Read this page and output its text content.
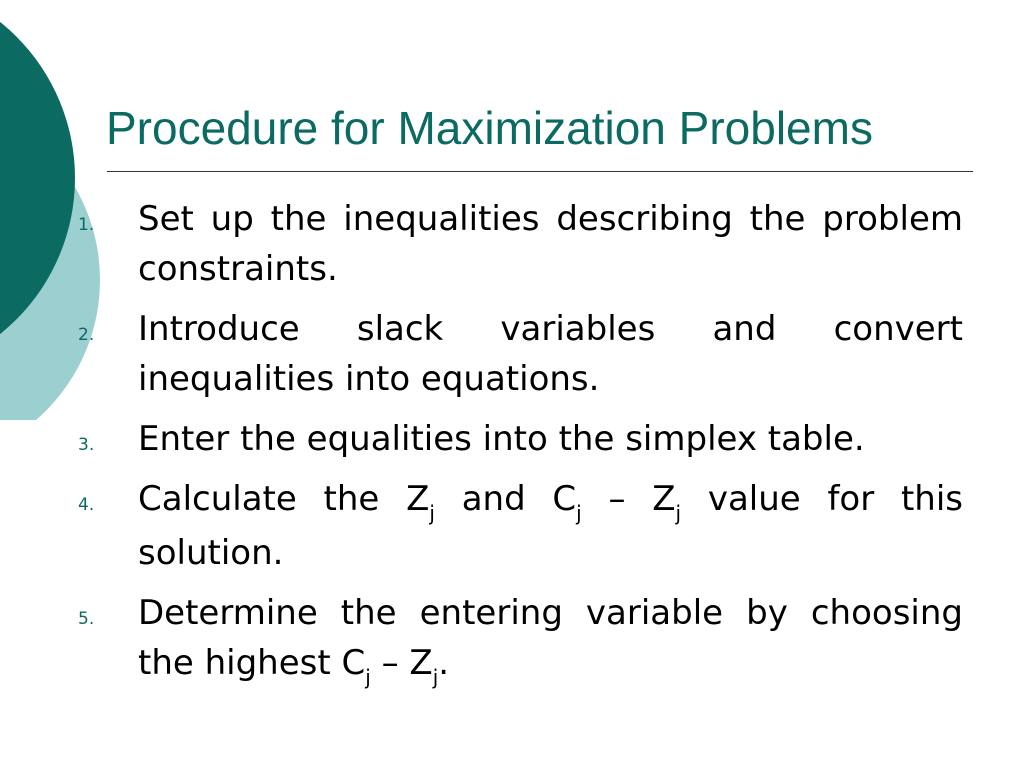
Procedure for Maximization Problems
1. Set up the inequalities describing the problem constraints.

2. Introduce slack variables and convert inequalities into equations.

3. Enter the equalities into the simplex table.

4. Calculate the $Z_j$ and $C_j - Z_j$ value for this solution.

5. Determine the entering variable by choosing the highest $C_j - Z_j$.
